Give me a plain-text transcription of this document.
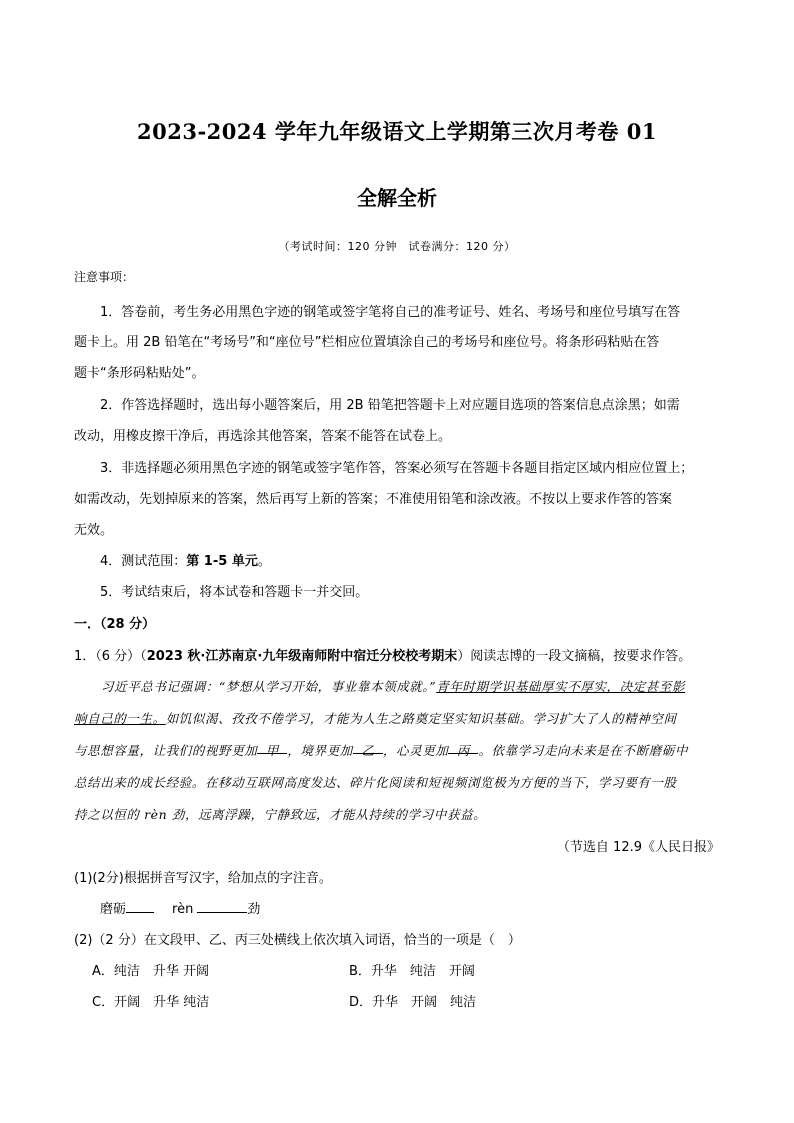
2023-2024 学年九年级语文上学期第三次月考卷 01
全解全析
（考试时间：120 分钟　试卷满分：120 分）
注意事项：
1．答卷前，考生务必用黑色字迹的钢笔或签字笔将自己的准考证号、姓名、考场号和座位号填写在答
题卡上。用 2B 铅笔在“考场号”和“座位号”栏相应位置填涂自己的考场号和座位号。将条形码粘贴在答
题卡“条形码粘贴处”。
2．作答选择题时，选出每小题答案后，用 2B 铅笔把答题卡上对应题目选项的答案信息点涂黑；如需
改动，用橡皮擦干净后，再选涂其他答案，答案不能答在试卷上。
3．非选择题必须用黑色字迹的钢笔或签字笔作答，答案必须写在答题卡各题目指定区域内相应位置上；
如需改动，先划掉原来的答案，然后再写上新的答案；不准使用铅笔和涂改液。不按以上要求作答的答案
无效。
4．测试范围：第 1-5 单元。
5．考试结束后，将本试卷和答题卡一并交回。
一．（28 分）
1．（6 分）（2023 秋·江苏南京·九年级南师附中宿迁分校校考期末）阅读志博的一段文摘稿，按要求作答。
习近平总书记强调：“梦想从学习开始，事业靠本领成就。”青年时期学识基础厚实不厚实，决定甚至影
响自己的一生。如饥似渴、孜孜不倦学习，才能为人生之路奠定坚实知识基础。学习扩大了人的精神空间
与思想容量，让我们的视野更加 甲 ，境界更加 乙 ，心灵更加 丙 。依靠学习走向未来是在不断磨砺中
总结出来的成长经验。在移动互联网高度发达、碎片化阅读和短视频浏览极为方便的当下，学习要有一股
持之以恒的 rèn 劲，远离浮躁，宁静致远，才能从持续的学习中获益。
（节选自 12.9《人民日报》
(1)(2分)根据拼音写汉字，给加点的字注音。
磨砺	rèn	劲
(2)（2 分）在文段甲、乙、丙三处横线上依次填入词语，恰当的一项是（　）
A．纯洁　升华 开阔	B．升华　纯洁　开阔
C．开阔　升华 纯洁	D．升华　开阔　纯洁
